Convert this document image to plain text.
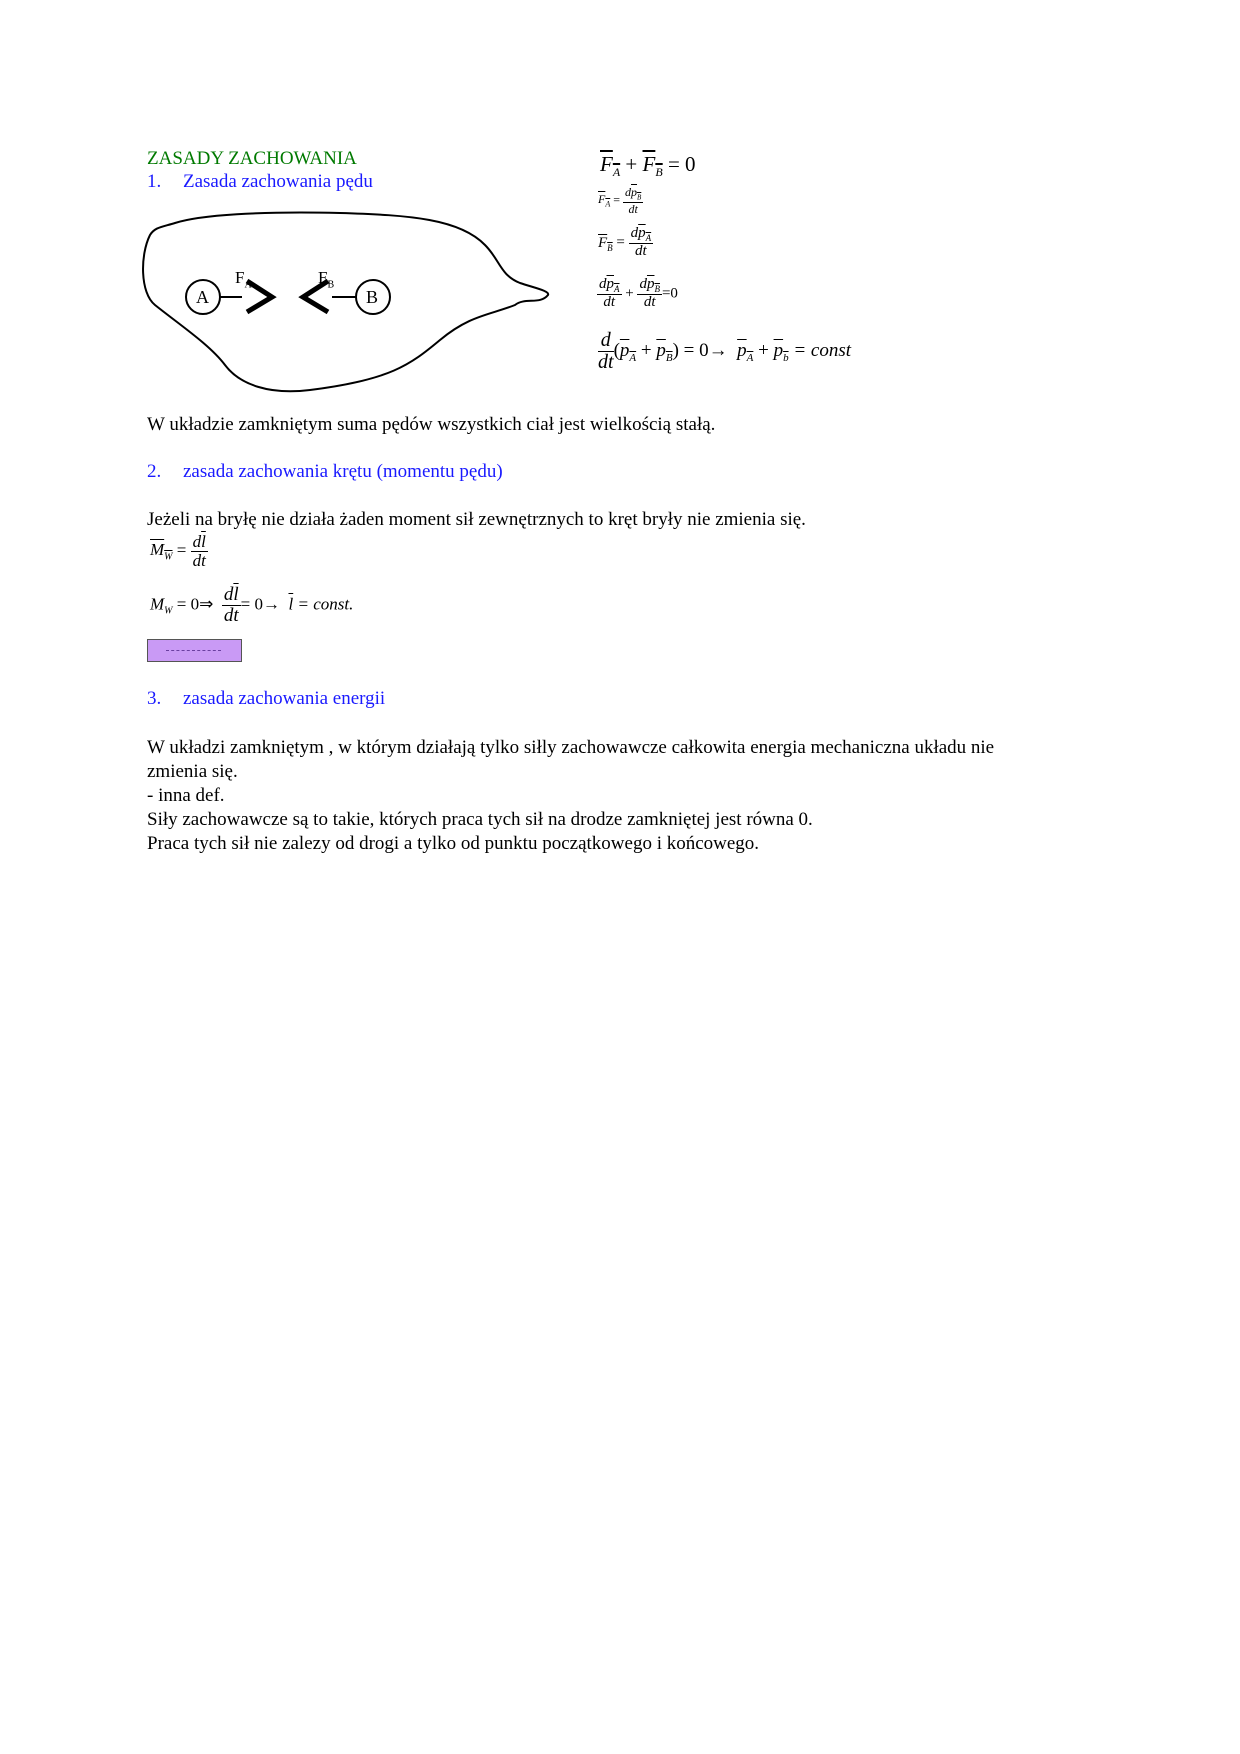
ZASADY ZACHOWANIA
1. Zasada zachowania pędu
A	B
$F_A$	$F_B$
$F_A + F_B = 0$
$F_A = \frac{dp_B}{dt}$
$F_B = \frac{dp_A}{dt}$
$\frac{dp_A}{dt} + \frac{dp_B}{dt} =0$
$\frac{d}{dt} (p_A + p_B) = 0\to p_A + p_b$ = const
W układzie zamkniętym suma pędów wszystkich ciał jest wielkością stałą.
2. zasada zachowania krętu (momentu pędu)
Jeżeli na bryłę nie działa żaden moment sił zewnętrznych to kręt bryły nie zmienia się.
$M_W = \frac{d\overline{l}}{dt}$
$M_W$ = 0⇒ $\frac{d\overline{l}}{dt} = 0\to \overline{l}$ = const.
3. zasada zachowania energii
W układzi zamkniętym , w którym działają tylko siłly zachowawcze całkowita energia mechaniczna układu nie
zmienia się.
- inna def.
Siły zachowawcze są to takie, których praca tych sił na drodze zamkniętej jest równa 0.
Praca tych sił nie zalezy od drogi a tylko od punktu początkowego i końcowego.
